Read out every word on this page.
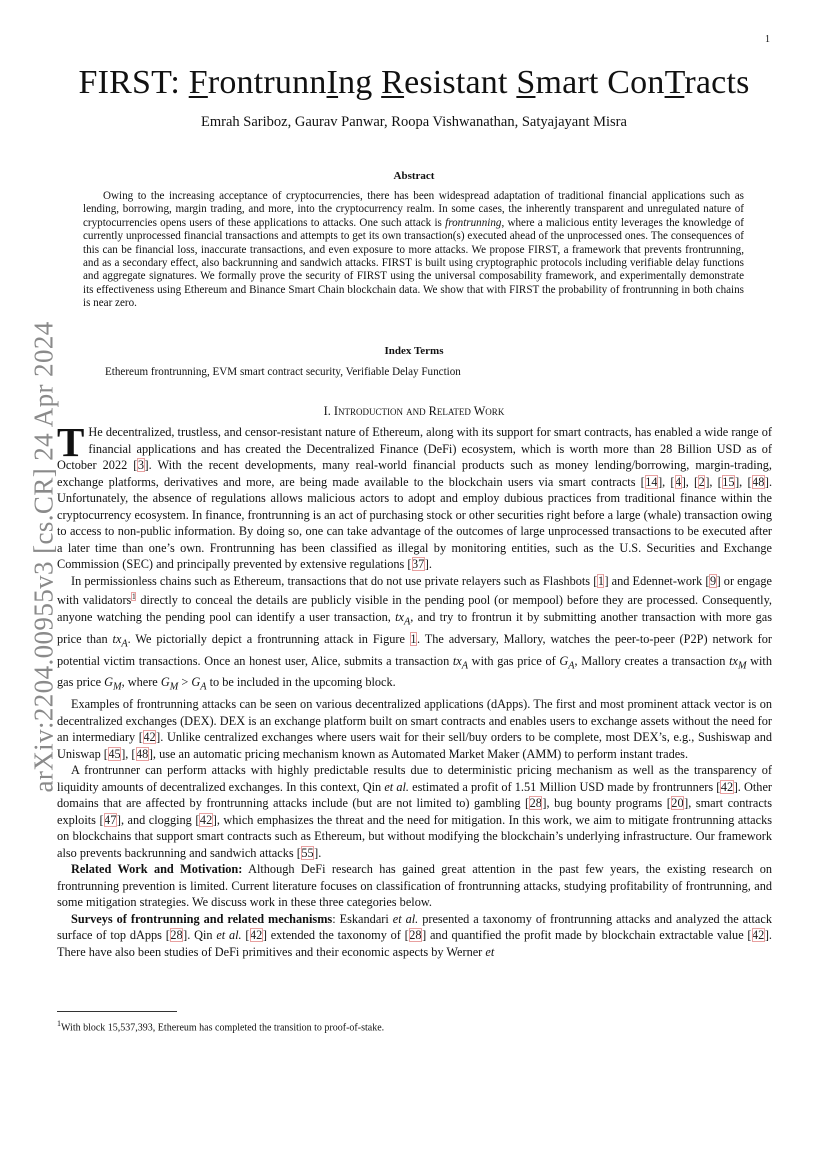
1
arXiv:2204.00955v3 [cs.CR] 24 Apr 2024
FIRST: FrontrunnIng Resistant Smart ConTracts
Emrah Sariboz, Gaurav Panwar, Roopa Vishwanathan, Satyajayant Misra
Abstract
Owing to the increasing acceptance of cryptocurrencies, there has been widespread adaptation of traditional financial applications such as lending, borrowing, margin trading, and more, into the cryptocurrency realm. In some cases, the inherently transparent and unregulated nature of cryptocurrencies opens users of these applications to attacks. One such attack is frontrunning, where a malicious entity leverages the knowledge of currently unprocessed financial transactions and attempts to get its own transaction(s) executed ahead of the unprocessed ones. The consequences of this can be financial loss, inaccurate transactions, and even exposure to more attacks. We propose FIRST, a framework that prevents frontrunning, and as a secondary effect, also backrunning and sandwich attacks. FIRST is built using cryptographic protocols including verifiable delay functions and aggregate signatures. We formally prove the security of FIRST using the universal composability framework, and experimentally demonstrate its effectiveness using Ethereum and Binance Smart Chain blockchain data. We show that with FIRST the probability of frontrunning in both chains is near zero.
Index Terms
Ethereum frontrunning, EVM smart contract security, Verifiable Delay Function
I. Introduction and Related Work

T He decentralized, trustless, and censor-resistant nature of Ethereum, along with its support for smart contracts, has enabled a wide range of financial applications and has created the Decentralized Finance (DeFi) ecosystem, which is worth more than 28 Billion USD as of October 2022 [3]. With the recent developments, many real-world financial products such as money lending/borrowing, margin-trading, exchange platforms, derivatives and more, are being made available to the blockchain users via smart contracts [14], [4], [2], [15], [48]. Unfortunately, the absence of regulations allows malicious actors to adopt and employ dubious practices from traditional finance within the cryptocurrency ecosystem. In finance, frontrunning is an act of purchasing stock or other securities right before a large (whale) transaction owing to access to non-public information. By doing so, one can take advantage of the outcomes of large unprocessed transactions to be executed after a later time than one’s own. Frontrunning has been classified as illegal by monitoring entities, such as the U.S. Securities and Exchange Commission (SEC) and principally prevented by extensive regulations [37].

In permissionless chains such as Ethereum, transactions that do not use private relayers such as Flashbots [1] and Edennet-work [9] or engage with validators$^1$ directly to conceal the details are publicly visible in the pending pool (or mempool) before they are processed. Consequently, anyone watching the pending pool can identify a user transaction, $tx_A$, and try to frontrun it by submitting another transaction with more gas price than $tx_A$. We pictorially depict a frontrunning attack in Figure 1. The adversary, Mallory, watches the peer-to-peer (P2P) network for potential victim transactions. Once an honest user, Alice, submits a transaction $tx_A$ with gas price of $G_A$, Mallory creates a transaction $tx_M$ with gas price $G_M$, where $G_M > G_A$ to be included in the upcoming block.

Examples of frontrunning attacks can be seen on various decentralized applications (dApps). The first and most prominent attack vector is on decentralized exchanges (DEX). DEX is an exchange platform built on smart contracts and enables users to exchange assets without the need for an intermediary [42]. Unlike centralized exchanges where users wait for their sell/buy orders to be complete, most DEX’s, e.g., Sushiswap and Uniswap [45], [48], use an automatic pricing mechanism known as Automated Market Maker (AMM) to perform instant trades.

A frontrunner can perform attacks with highly predictable results due to deterministic pricing mechanism as well as the transparency of liquidity amounts of decentralized exchanges. In this context, Qin et al. estimated a profit of 1.51 Million USD made by frontrunners [42]. Other domains that are affected by frontrunning attacks include (but are not limited to) gambling [28], bug bounty programs [20], smart contracts exploits [47], and clogging [42], which emphasizes the threat and the need for mitigation. In this work, we aim to mitigate frontrunning attacks on blockchains that support smart contracts such as Ethereum, but without modifying the blockchain’s underlying infrastructure. Our framework also prevents backrunning and sandwich attacks [55].

Related Work and Motivation: Although DeFi research has gained great attention in the past few years, the existing research on frontrunning prevention is limited. Current literature focuses on classification of frontrunning attacks, studying profitability of frontrunning, and some mitigation strategies. We discuss work in these three categories below.

Surveys of frontrunning and related mechanisms: Eskandari et al. presented a taxonomy of frontrunning attacks and analyzed the attack surface of top dApps [28]. Qin et al. [42] extended the taxonomy of [28] and quantified the profit made by blockchain extractable value [42]. There have also been studies of DeFi primitives and their economic aspects by Werner et

$^1$With block 15,537,393, Ethereum has completed the transition to proof-of-stake.
